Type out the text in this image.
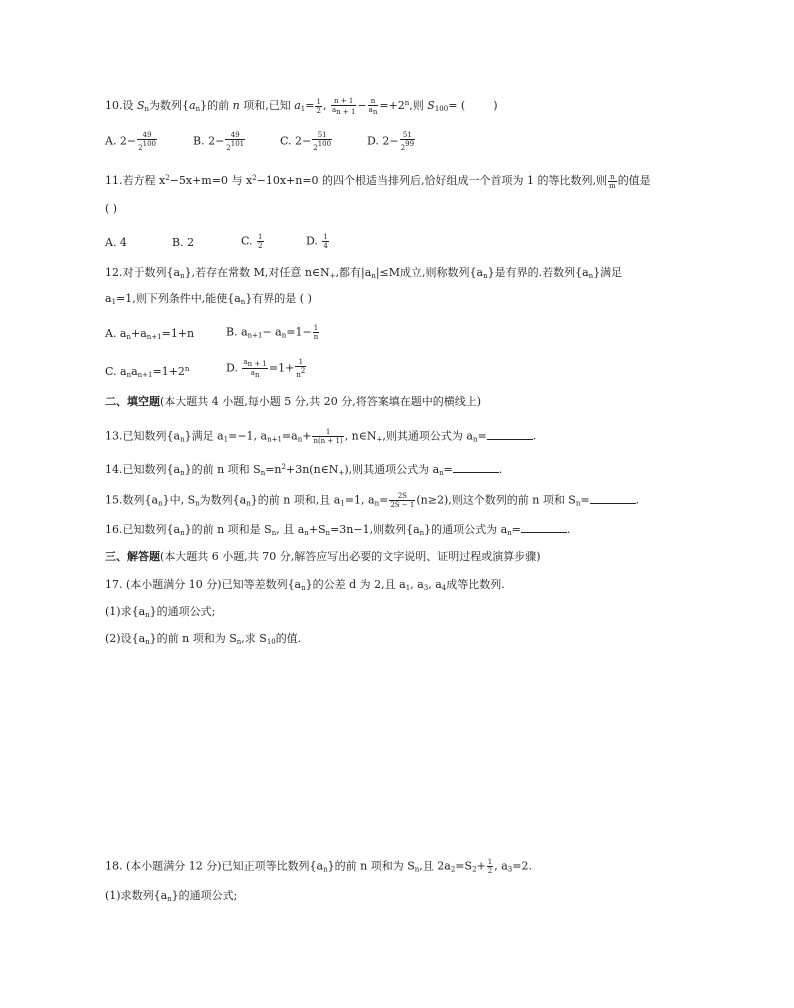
10.设 $S_n$为数列$\{a_n\}$的前 n 项和,已知 $a_1= \frac{1}{2}$ , $\frac{n + 1}{a_{n + 1}} - \frac{n}{a_n} =+2^n$,则 $S_{100}=$ (	)
A. $2- \frac{49}{2^{100}}$	B. $2- \frac{49}{2^{101}}$	C. $2- \frac{51}{2^{100}}$	D. $2- \frac{51}{2^{99}}$
11.若方程 $x^2-5x+m=0$ 与 $x^2-10x+n=0$ 的四个根适当排列后,恰好组成一个首项为 1 的等比数列,则 $\frac{n}{m}$ 的值是
( )
A. 4	B. 2	C. $\frac{1}{2}$	D. $\frac{1}{4}$
12.对于数列$\{a_n\}$,若存在常数 M,对任意 $n\in N_+$,都有$|a_n|\le M$成立,则称数列$\{a_n\}$是有界的.若数列$\{a_n\}$满足
$a_1=1$,则下列条件中,能使$\{a_n\}$有界的是 ( )
A. $a_n+a_{n+1}=1+n$	B. $a_{n+1}- a_n=1- \frac{1}{n}$
C. $a_na_{n+1}=1+2^n$	D. $\frac{a_{n + 1}}{a_n} =1+ \frac{1}{n^2}$
二、填空题(本大题共 4 小题,每小题 5 分,共 20 分,将答案填在题中的横线上)
13.已知数列$\{a_n\}$满足 $a_1=-1$, $a_{n+1}=a_n+ \frac{1}{n(n + 1)}$ , $n\in N_+$,则其通项公式为 $a_n=$	.
14.已知数列$\{a_n\}$的前 n 项和 $S_n=n^2+3n(n\in N_+)$,则其通项公式为 $a_n=$	.
15.数列$\{a_n\}$中, $S_n$为数列$\{a_n\}$的前 n 项和,且 $a_1=1$, $a_n= \frac{2S}{2S - 1} (n\ge 2)$,则这个数列的前 n 项和 $S_n=$	.
16.已知数列$\{a_n\}$的前 n 项和是 $S_n$, 且 $a_n+S_n=3n-1$,则数列$\{a_n\}$的通项公式为 $a_n=$	.
三、解答题(本大题共 6 小题,共 70 分,解答应写出必要的文字说明、证明过程或演算步骤)
17. (本小题满分 10 分)已知等差数列$\{a_n\}$的公差 d 为 2,且 $a_1$, $a_3$, $a_4$成等比数列.
(1)求$\{a_n\}$的通项公式;
(2)设$\{a_n\}$的前 n 项和为 $S_n$,求 $S_{10}$的值.
18. (本小题满分 12 分)已知正项等比数列$\{a_n\}$的前 n 项和为 $S_n$,且 $2a_2=S_2+ \frac{1}{2}$ , $a_3=2$.
(1)求数列$\{a_n\}$的通项公式;
